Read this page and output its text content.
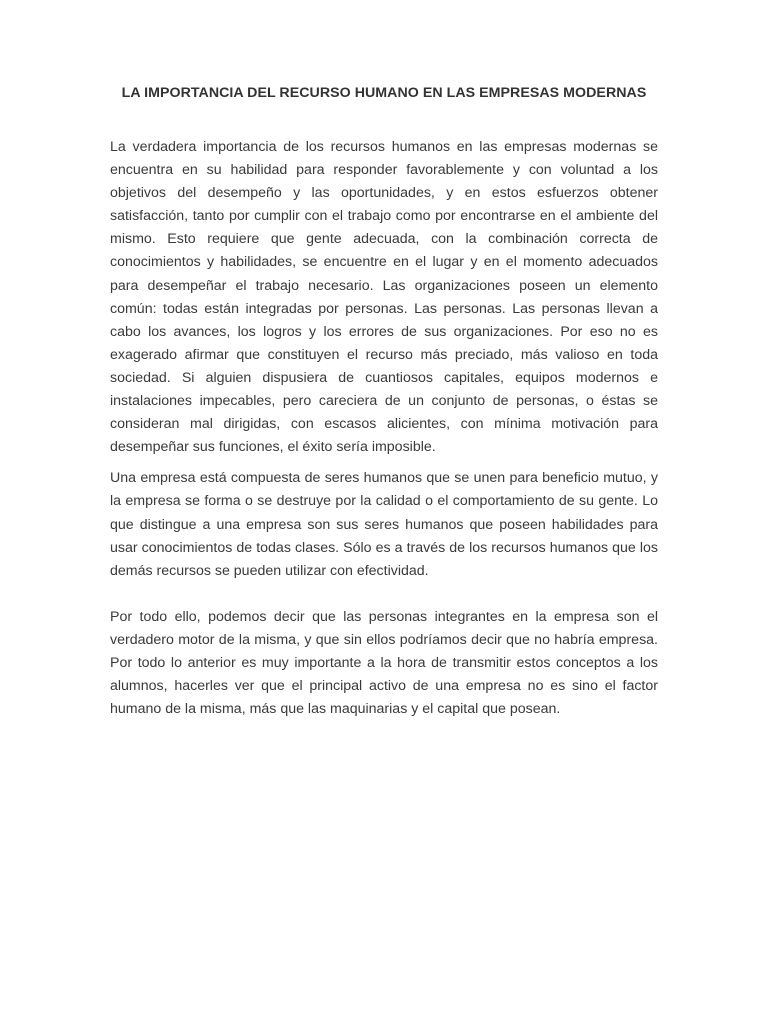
LA IMPORTANCIA DEL RECURSO HUMANO EN LAS EMPRESAS MODERNAS

La verdadera importancia de los recursos humanos en las empresas modernas se encuentra en su habilidad para responder favorablemente y con voluntad a los objetivos del desempeño y las oportunidades, y en estos esfuerzos obtener satisfacción, tanto por cumplir con el trabajo como por encontrarse en el ambiente del mismo. Esto requiere que gente adecuada, con la combinación correcta de conocimientos y habilidades, se encuentre en el lugar y en el momento adecuados para desempeñar el trabajo necesario. Las organizaciones poseen un elemento común: todas están integradas por personas. Las personas. Las personas llevan a cabo los avances, los logros y los errores de sus organizaciones. Por eso no es exagerado afirmar que constituyen el recurso más preciado, más valioso en toda sociedad. Si alguien dispusiera de cuantiosos capitales, equipos modernos e instalaciones impecables, pero careciera de un conjunto de personas, o éstas se consideran mal dirigidas, con escasos alicientes, con mínima motivación para desempeñar sus funciones, el éxito sería imposible.

Una empresa está compuesta de seres humanos que se unen para beneficio mutuo, y la empresa se forma o se destruye por la calidad o el comportamiento de su gente. Lo que distingue a una empresa son sus seres humanos que poseen habilidades para usar conocimientos de todas clases. Sólo es a través de los recursos humanos que los demás recursos se pueden utilizar con efectividad.

Por todo ello, podemos decir que las personas integrantes en la empresa son el verdadero motor de la misma, y que sin ellos podríamos decir que no habría empresa. Por todo lo anterior es muy importante a la hora de transmitir estos conceptos a los alumnos, hacerles ver que el principal activo de una empresa no es sino el factor humano de la misma, más que las maquinarias y el capital que posean.
